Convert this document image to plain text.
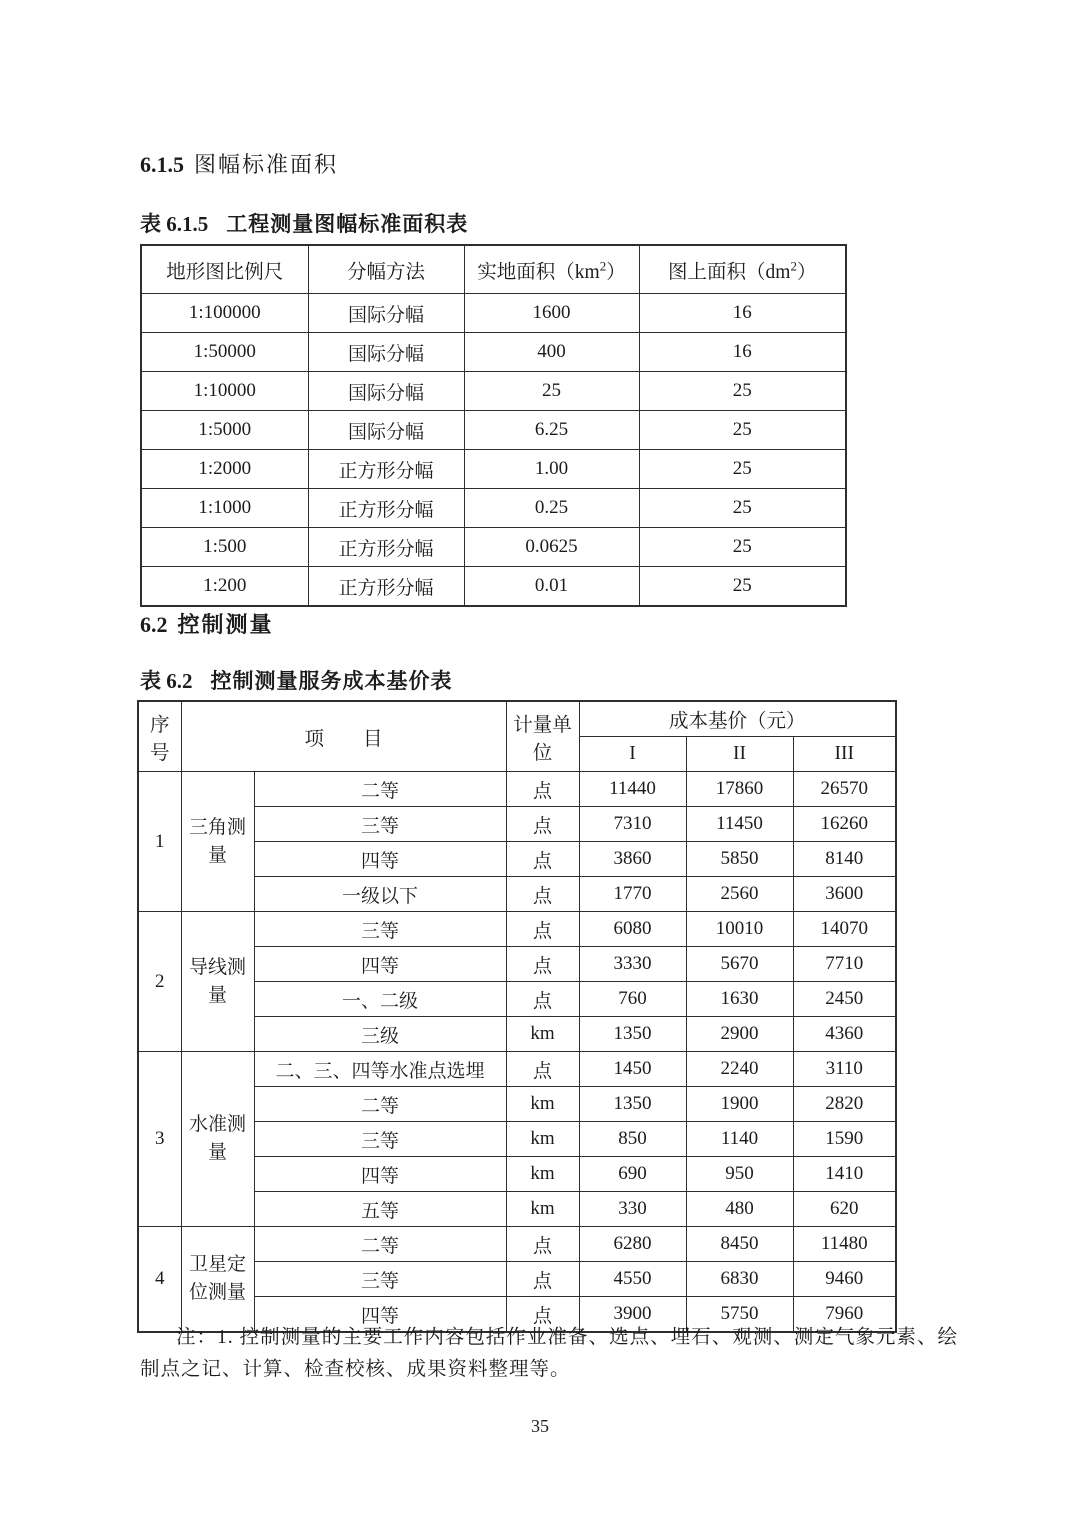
6.1.5 图幅标准面积
表 6.1.5 工程测量图幅标准面积表
地形图比例尺	分幅方法	实地面积$(km^2)$	图上面积$(dm^2)$
1:100000	国际分幅	1600	16
1:50000	国际分幅	400	16
1:10000	国际分幅	25	25
1:5000	国际分幅	6.25	25
1:2000	正方形分幅	1.00	25
1:1000	正方形分幅	0.25	25
1:500	正方形分幅	0.0625	25
1:200	正方形分幅	0.01	25
6.2 控制测量
表 6.2 控制测量服务成本基价表
序号	项　　目		计量单位	成本基价（元）		
				I	II	III
1	三角测量	二等	点	11440	17860	26570
		三等	点	7310	11450	16260
		四等	点	3860	5850	8140
		一级以下	点	1770	2560	3600
2	导线测量	三等	点	6080	10010	14070
		四等	点	3330	5670	7710
		一、二级	点	760	1630	2450
		三级	km	1350	2900	4360
3	水准测量	二、三、四等水准点选埋	点	1450	2240	3110
		二等	km	1350	1900	2820
		三等	km	850	1140	1590
		四等	km	690	950	1410
		五等	km	330	480	620
4	卫星定位测量	二等	点	6280	8450	11480
		三等	点	4550	6830	9460
		四等	点	3900	5750	7960
注：1. 控制测量的主要工作内容包括作业准备、选点、埋石、观测、测定气象元素、绘制点之记、计算、检查校核、成果资料整理等。
35
